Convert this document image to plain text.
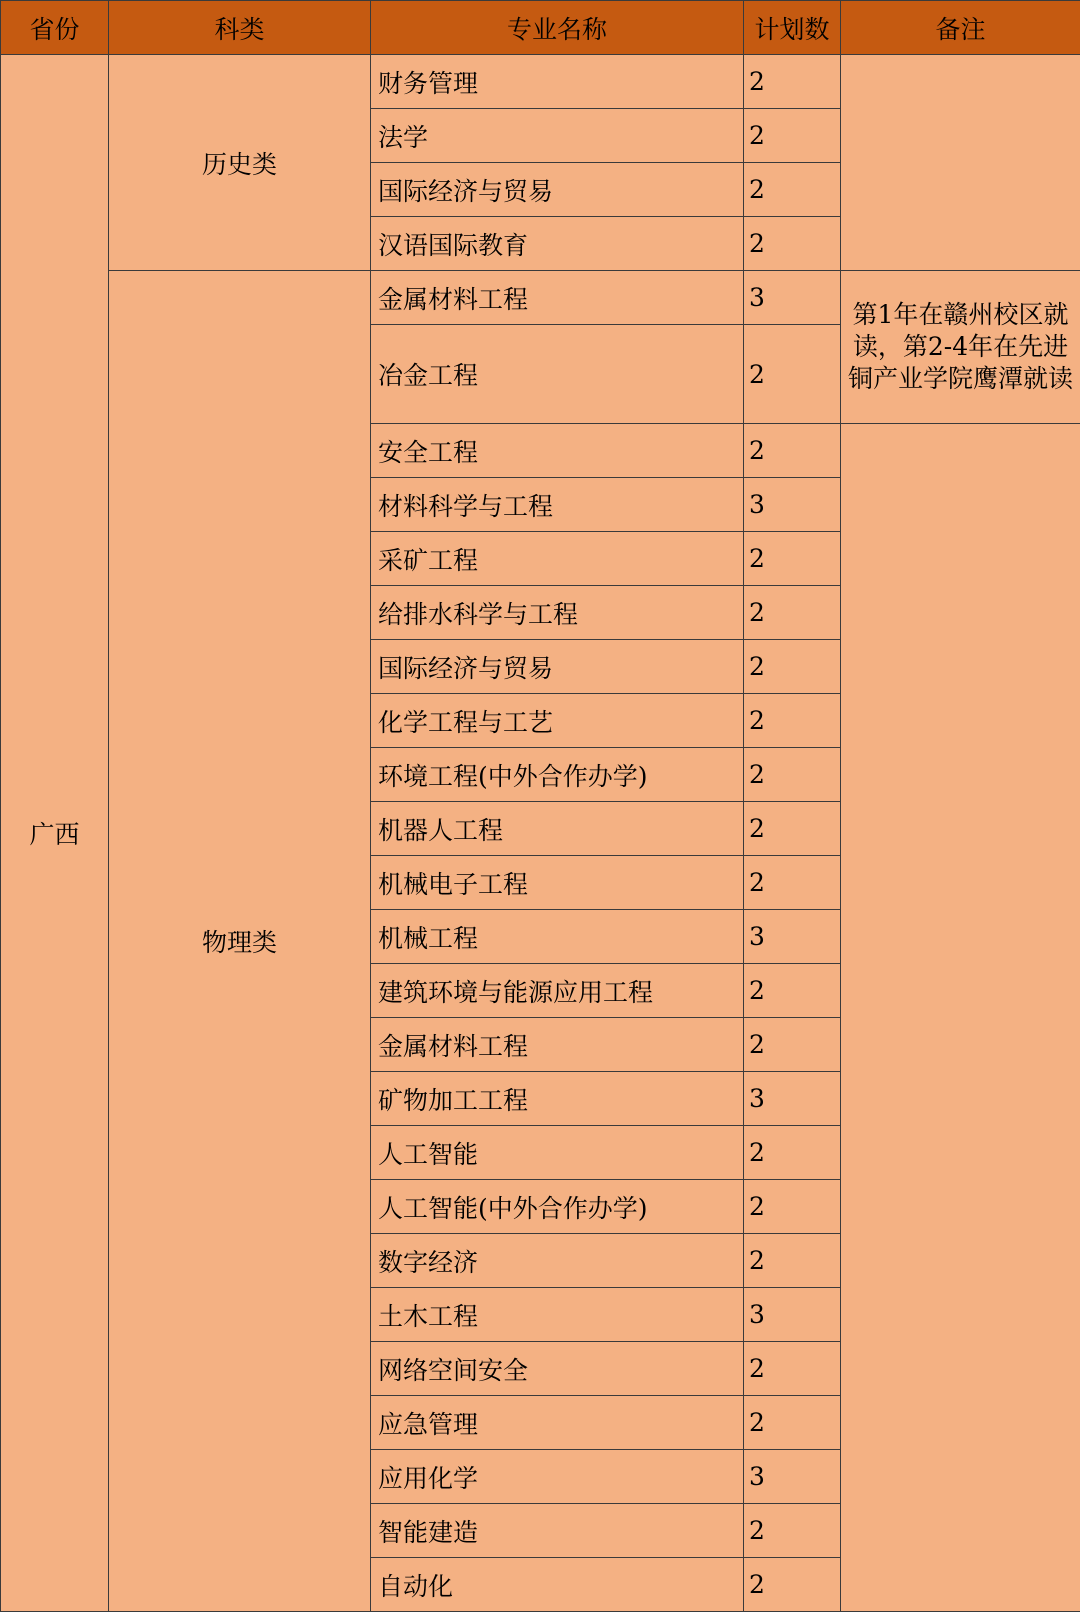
省份	科类	专业名称	计划数	备注
广西	历史类	财务管理	2	
		法学	2	
		国际经济与贸易	2	
		汉语国际教育	2	
	物理类	金属材料工程	3	第1年在赣州校区就读，第2-4年在先进铜产业学院鹰潭就读
		冶金工程	2	
		安全工程	2	
		材料科学与工程	3	
		采矿工程	2	
		给排水科学与工程	2	
		国际经济与贸易	2	
		化学工程与工艺	2	
		环境工程(中外合作办学)	2	
		机器人工程	2	
		机械电子工程	2	
		机械工程	3	
		建筑环境与能源应用工程	2	
		金属材料工程	2	
		矿物加工工程	3	
		人工智能	2	
		人工智能(中外合作办学)	2	
		数字经济	2	
		土木工程	3	
		网络空间安全	2	
		应急管理	2	
		应用化学	3	
		智能建造	2	
		自动化	2	
